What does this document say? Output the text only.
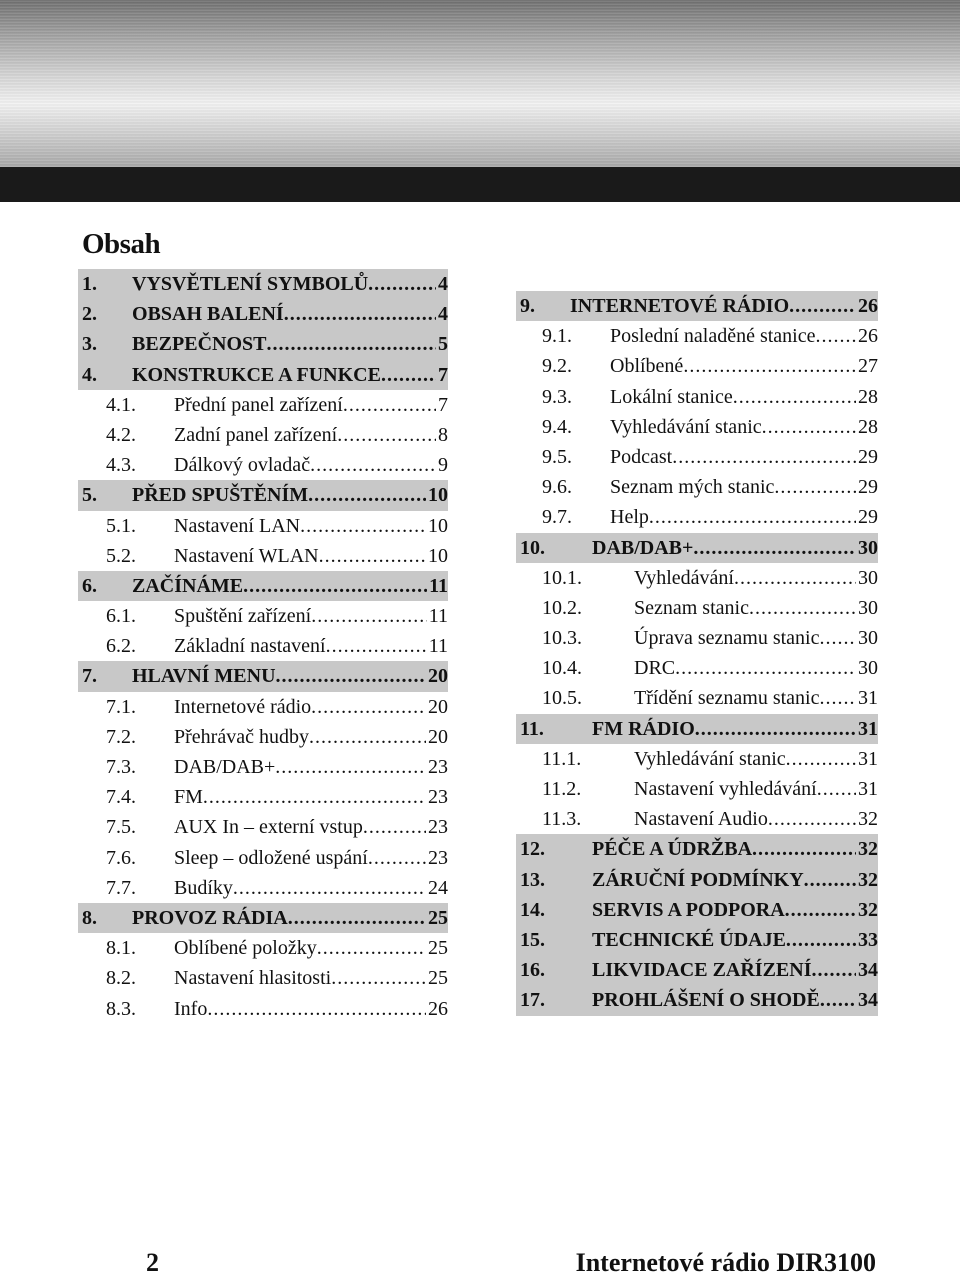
Obsah
1.	VYSVĚTLENÍ SYMBOLŮ .....	4
2.	OBSAH BALENÍ .....	4
3.	BEZPEČNOST .....	5
4.	KONSTRUKCE A FUNKCE .....	7
4.1.	Přední panel zařízení .....	7
4.2.	Zadní panel zařízení .....	8
4.3.	Dálkový ovladač .....	9
5.	PŘED SPUŠTĚNÍM .....	10
5.1.	Nastavení LAN .....	10
5.2.	Nastavení WLAN .....	10
6.	ZAČÍNÁME .....	11
6.1.	Spuštění zařízení .....	11
6.2.	Základní nastavení .....	11
7.	HLAVNÍ MENU .....	20
7.1.	Internetové rádio .....	20
7.2.	Přehrávač hudby .....	20
7.3.	DAB/DAB+ .....	23
7.4.	FM .....	23
7.5.	AUX In – externí vstup .....	23
7.6.	Sleep – odložené uspání .....	23
7.7.	Budíky .....	24
8.	PROVOZ RÁDIA .....	25
8.1.	Oblíbené položky .....	25
8.2.	Nastavení hlasitosti .....	25
8.3.	Info .....	26
9.	INTERNETOVÉ RÁDIO .....	26
9.1.	Poslední naladěné stanice ..... 26
9.2.	Oblíbené .....	27
9.3.	Lokální stanice .....	28
9.4.	Vyhledávání stanic .....	28
9.5.	Podcast .....	29
9.6.	Seznam mých stanic .....	29
9.7.	Help .....	29
10.	DAB/DAB+ .....	30
10.1.	Vyhledávání .....	30
10.2.	Seznam stanic .....	30
10.3.	Úprava seznamu stanic ..... 30
10.4.	DRC .....	30
10.5.	Třídění seznamu stanic ..... 31
11.	FM RÁDIO .....	31
11.1.	Vyhledávání stanic .....	31
11.2.	Nastavení vyhledávání ..... 31
11.3.	Nastavení Audio .....	32
12.	PÉČE A ÚDRŽBA .....	32
13.	ZÁRUČNÍ PODMÍNKY .....	32
14.	SERVIS A PODPORA .....	32
15.	TECHNICKÉ ÚDAJE .....	33
16.	LIKVIDACE ZAŘÍZENÍ ..... 34
17.	PROHLÁŠENÍ O SHODĚ ..... 34
2	Internetové rádio DIR3100
